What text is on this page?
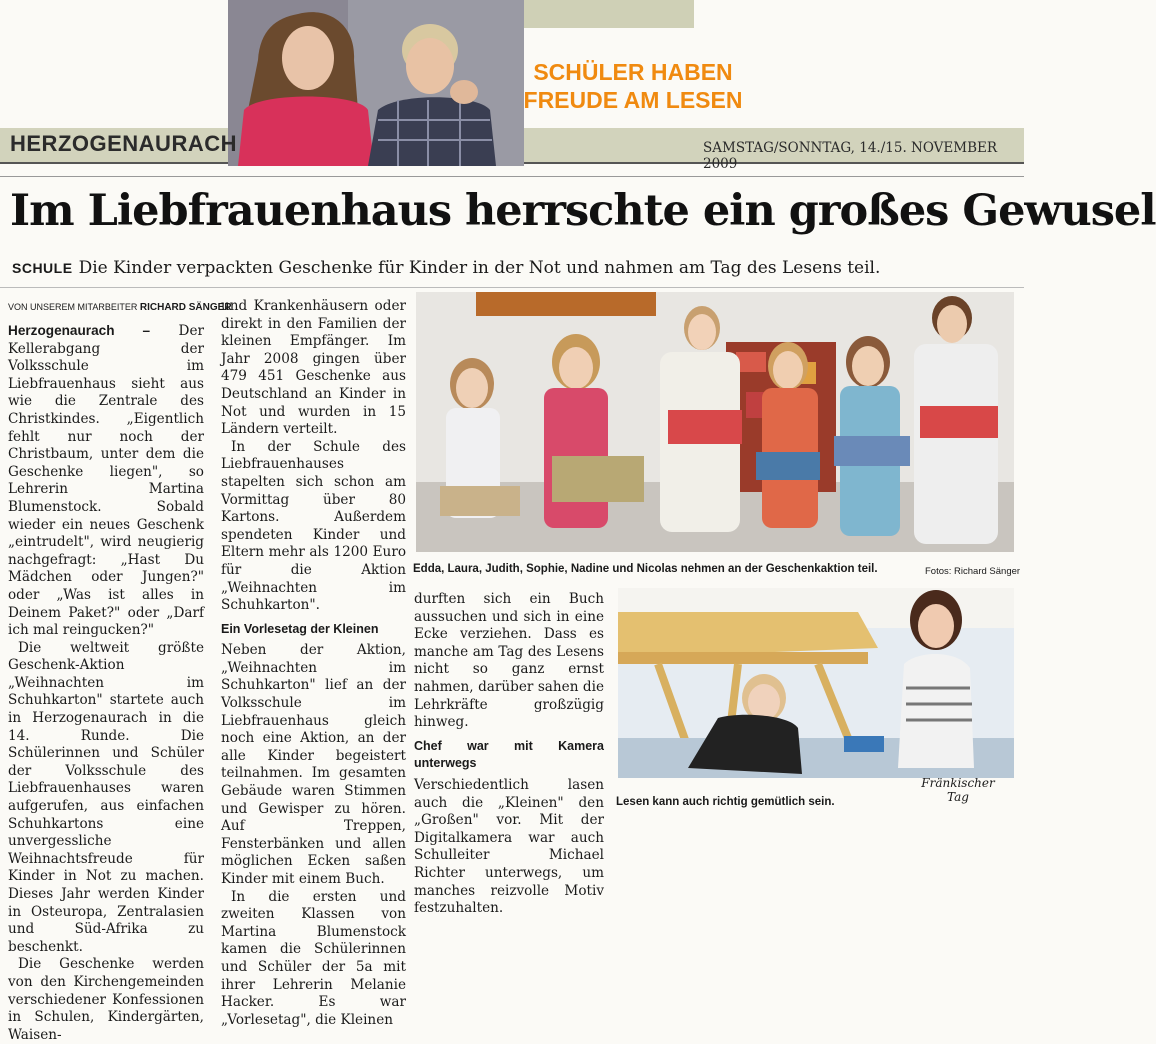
SCHÜLER HABEN
FREUDE AM LESEN
HERZOGENAURACH	SAMSTAG/SONNTAG, 14./15. NOVEMBER 2009
Im Liebfrauenhaus herrschte ein großes Gewusel
SCHULE Die Kinder verpackten Geschenke für Kinder in der Not und nahmen am Tag des Lesens teil.
VON UNSEREM MITARBEITER RICHARD SÄNGER

Herzogenaurach – Der Kellerabgang der Volksschule im Liebfrauenhaus sieht aus wie die Zentrale des Christkindes. „Eigentlich fehlt nur noch der Christbaum, unter dem die Geschenke liegen", so Lehrerin Martina Blumenstock. Sobald wieder ein neues Geschenk „eintrudelt", wird neugierig nachgefragt: „Hast Du Mädchen oder Jungen?" oder „Was ist alles in Deinem Paket?" oder „Darf ich mal reingucken?"

Die weltweit größte Geschenk-Aktion „Weihnachten im Schuhkarton" startete auch in Herzogenaurach in die 14. Runde. Die Schülerinnen und Schüler der Volksschule des Liebfrauenhauses waren aufgerufen, aus einfachen Schuhkartons eine unvergessliche Weihnachtsfreude für Kinder in Not zu machen. Dieses Jahr werden Kinder in Osteuropa, Zentralasien und Süd-Afrika zu beschenkt.

Die Geschenke werden von den Kirchengemeinden verschiedener Konfessionen in Schulen, Kindergärten, Waisen-

und Krankenhäusern oder direkt in den Familien der kleinen Empfänger. Im Jahr 2008 gingen über 479 451 Geschenke aus Deutschland an Kinder in Not und wurden in 15 Ländern verteilt.

In der Schule des Liebfrauenhauses stapelten sich schon am Vormittag über 80 Kartons. Außerdem spendeten Kinder und Eltern mehr als 1200 Euro für die Aktion „Weihnachten im Schuhkarton".

Ein Vorlesetag der Kleinen

Neben der Aktion, „Weihnachten im Schuhkarton" lief an der Volksschule im Liebfrauenhaus gleich noch eine Aktion, an der alle Kinder begeistert teilnahmen. Im gesamten Gebäude waren Stimmen und Gewisper zu hören. Auf Treppen, Fensterbänken und allen möglichen Ecken saßen Kinder mit einem Buch.

In die ersten und zweiten Klassen von Martina Blumenstock kamen die Schülerinnen und Schüler der 5a mit ihrer Lehrerin Melanie Hacker. Es war „Vorlesetag", die Kleinen

Edda, Laura, Judith, Sophie, Nadine und Nicolas nehmen an der Geschenkaktion teil.	Fotos: Richard Sänger

durften sich ein Buch aussuchen und sich in eine Ecke verziehen. Dass es manche am Tag des Lesens nicht so ganz ernst nahmen, darüber sahen die Lehrkräfte großzügig hinweg.

Chef war mit Kamera unterwegs

Verschiedentlich lasen auch die „Kleinen" den „Großen" vor. Mit der Digitalkamera war auch Schulleiter Michael Richter unterwegs, um manches reizvolle Motiv festzuhalten.

Lesen kann auch richtig gemütlich sein.
Fränkischer Tag
